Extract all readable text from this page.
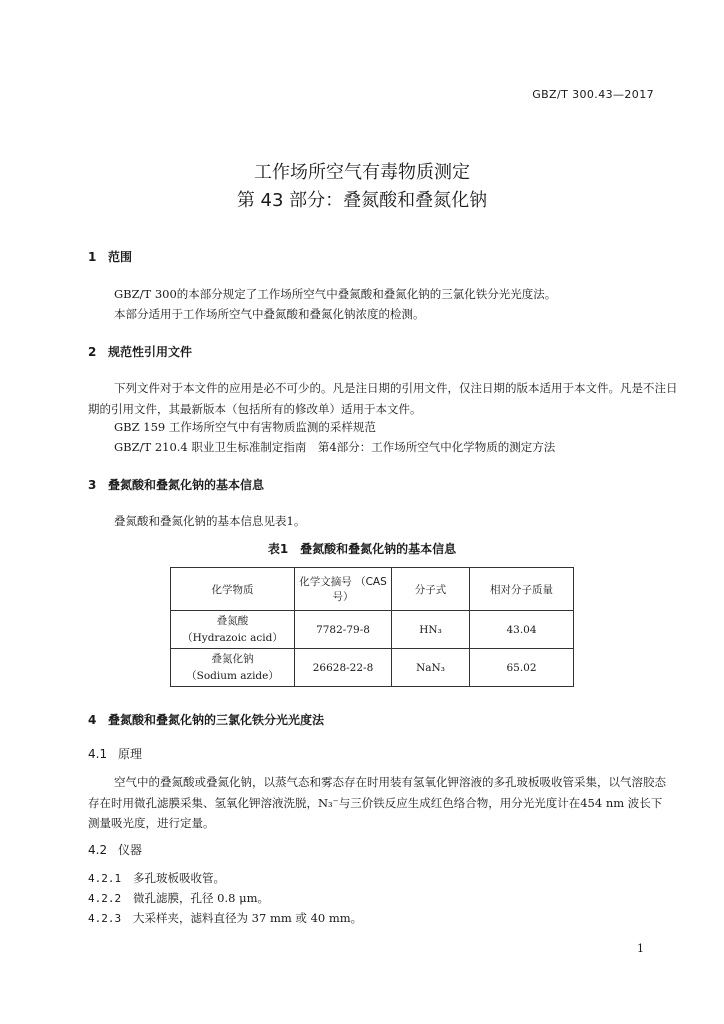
GBZ/T 300.43—2017
工作场所空气有毒物质测定
第 43 部分：叠氮酸和叠氮化钠
1 范围
GBZ/T 300的本部分规定了工作场所空气中叠氮酸和叠氮化钠的三氯化铁分光光度法。
本部分适用于工作场所空气中叠氮酸和叠氮化钠浓度的检测。
2 规范性引用文件
下列文件对于本文件的应用是必不可少的。凡是注日期的引用文件，仅注日期的版本适用于本文件。凡是不注日期的引用文件，其最新版本（包括所有的修改单）适用于本文件。
GBZ 159 工作场所空气中有害物质监测的采样规范
GBZ/T 210.4 职业卫生标准制定指南　第4部分：工作场所空气中化学物质的测定方法
3 叠氮酸和叠氮化钠的基本信息
叠氮酸和叠氮化钠的基本信息见表1。
表1　叠氮酸和叠氮化钠的基本信息
化学物质	化学文摘号 （CAS号）	分子式	相对分子质量

叠氮酸
（Hydrazoic acid）	7782-79-8	HN₃	43.04

叠氮化钠
（Sodium azide）	26628-22-8	NaN₃	65.02
4 叠氮酸和叠氮化钠的三氯化铁分光光度法
4.1 原理
空气中的叠氮酸或叠氮化钠，以蒸气态和雾态存在时用装有氢氧化钾溶液的多孔玻板吸收管采集，以气溶胶态存在时用微孔滤膜采集、氢氧化钾溶液洗脱，N₃⁻与三价铁反应生成红色络合物，用分光光度计在454 nm 波长下测量吸光度，进行定量。
4.2 仪器
4.2.1 多孔玻板吸收管。
4.2.2 微孔滤膜，孔径 0.8 μm。
4.2.3 大采样夹，滤料直径为 37 mm 或 40 mm。
1
